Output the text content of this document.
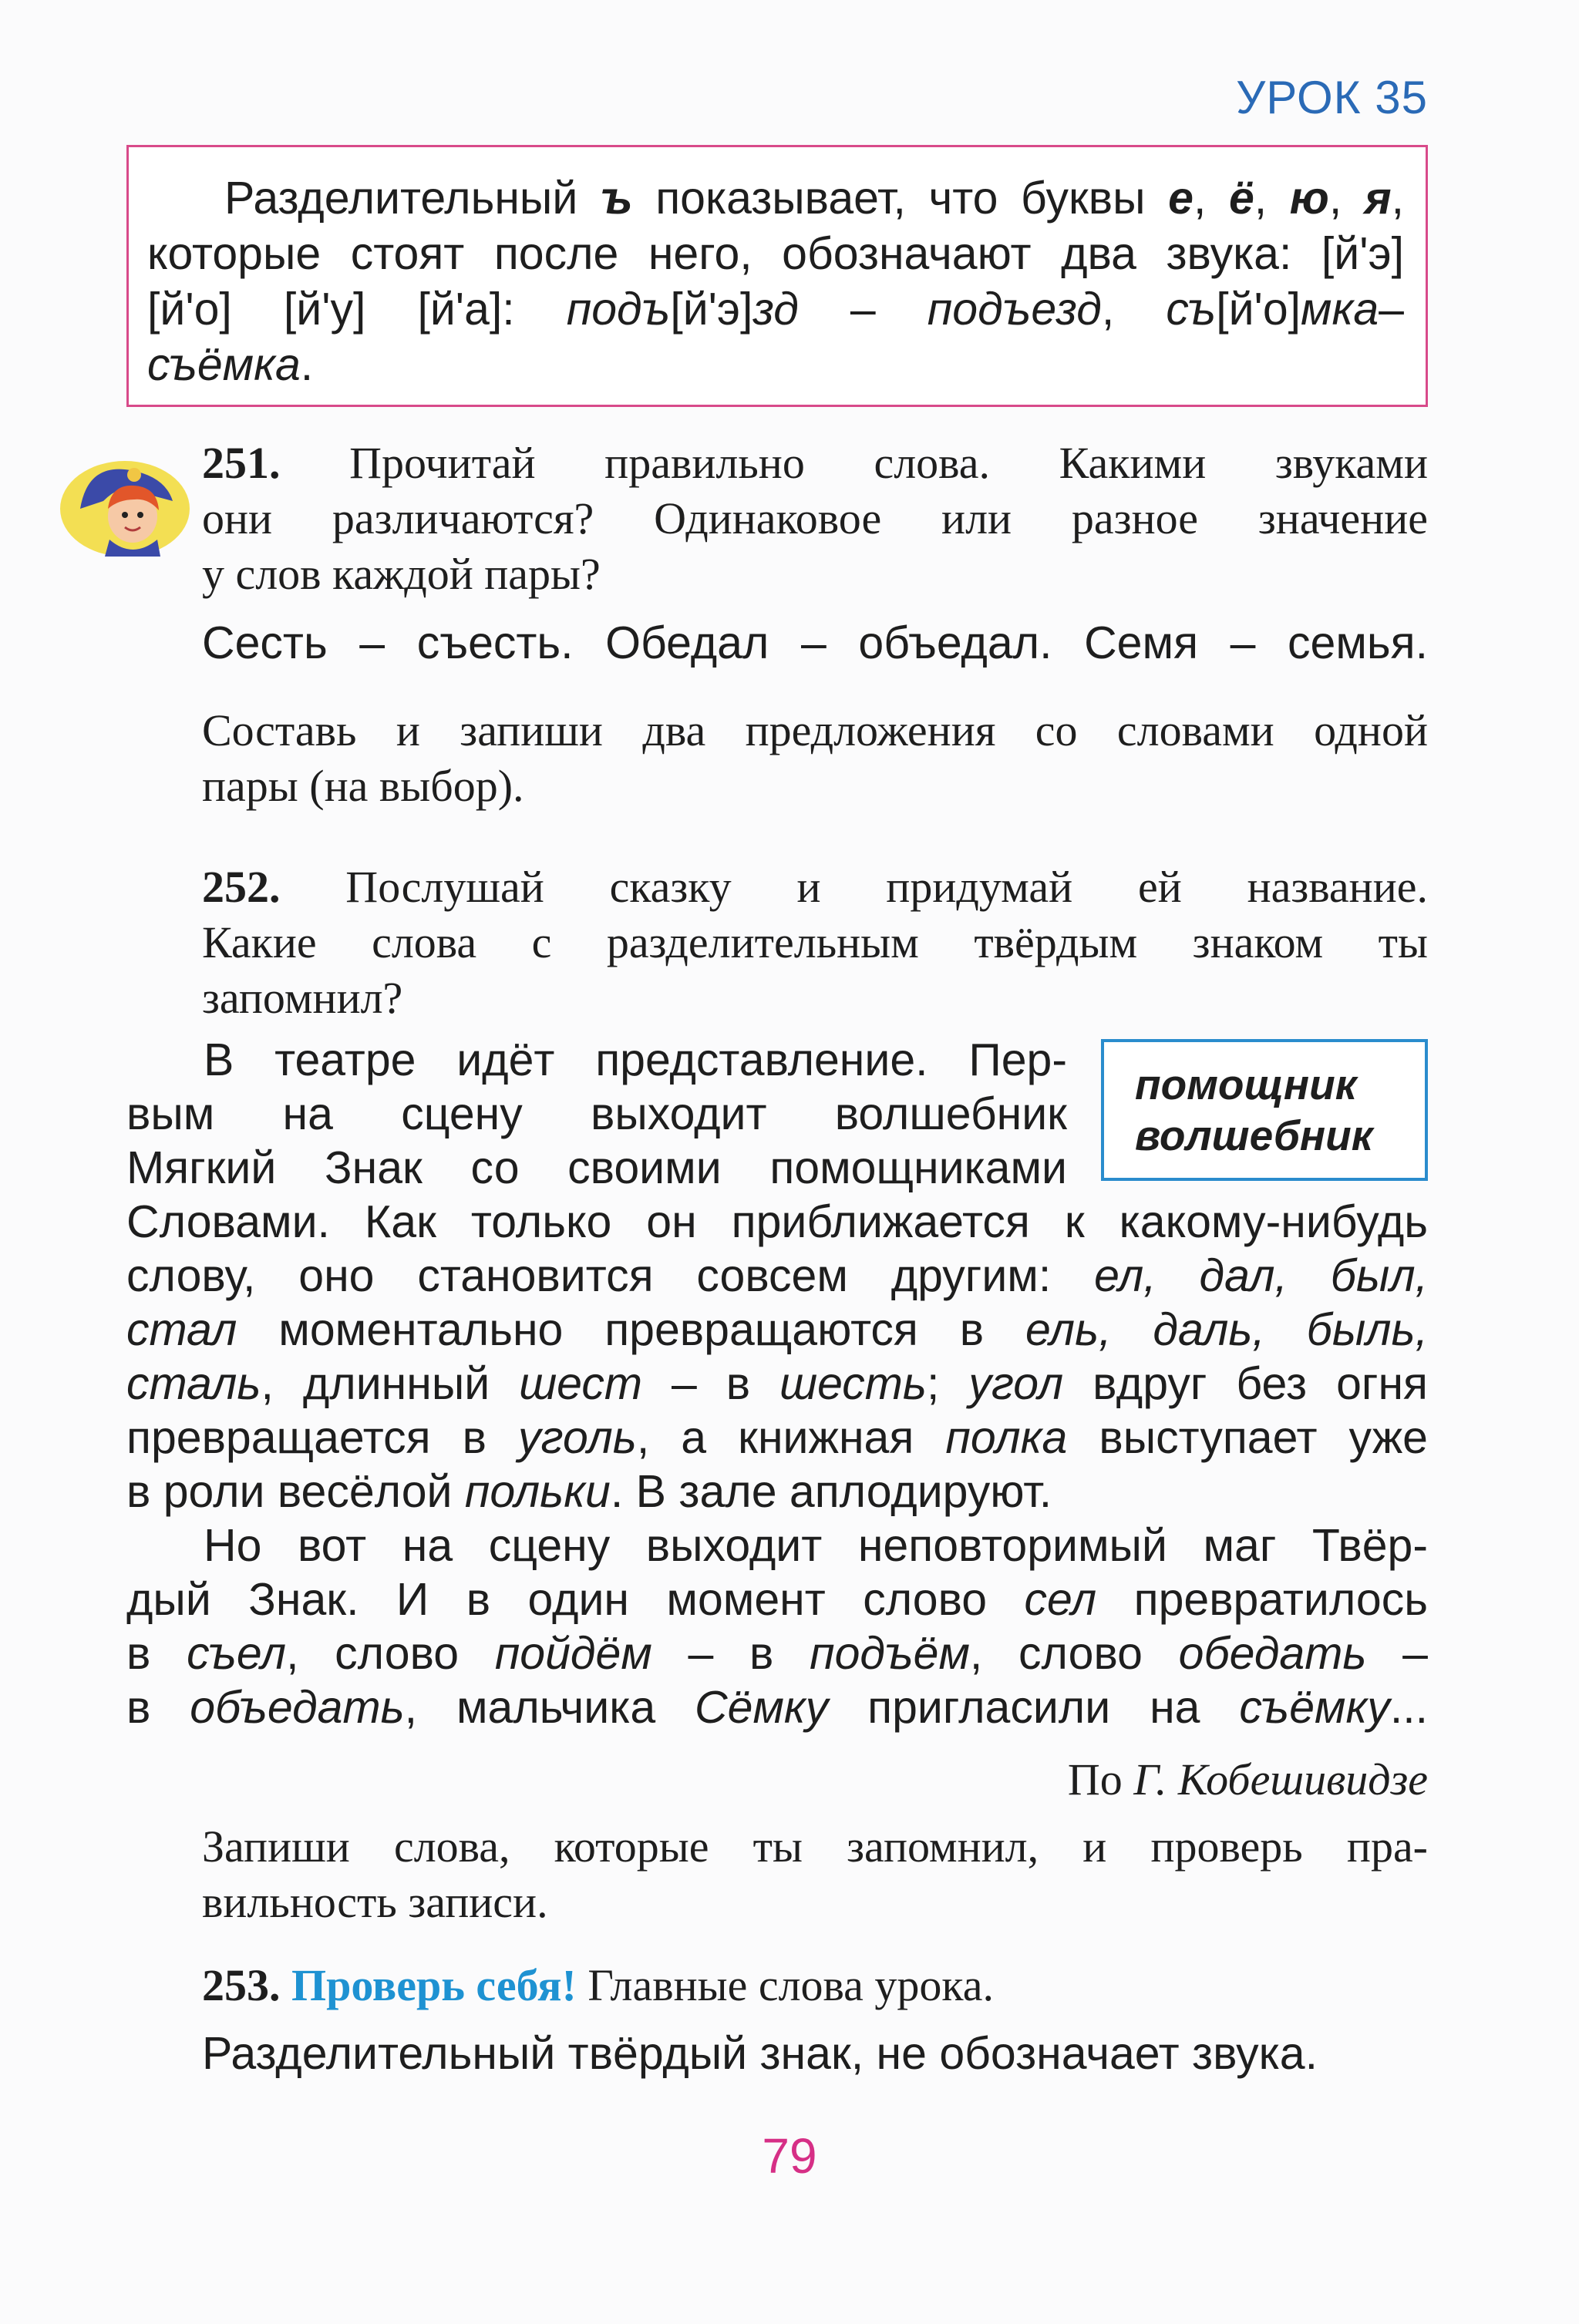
УРОК 35
Разделительный ъ показывает, что буквы е, ё, ю, я,
которые стоят после него, обозначают два звука: [й'э]
[й'о] [й'у] [й'а]: подъ[й'э]зд – подъезд, съ[й'о]мка–
съёмка.
251. Прочитай правильно слова. Какими звуками
они различаются? Одинаковое или разное значение
у слов каждой пары?
Сесть – съесть. Обедал – объедал. Семя – семья.
Составь и запиши два предложения со словами одной
пары (на выбор).
252. Послушай сказку и придумай ей название.
Какие слова с разделительным твёрдым знаком ты
запомнил?
помощник
волшебник
В театре идёт представление. Пер-
вым на сцену выходит волшебник
Мягкий Знак со своими помощниками
Словами. Как только он приближается к какому-нибудь
слову, оно становится совсем другим: ел, дал, был,
стал моментально превращаются в ель, даль, быль,
сталь, длинный шест – в шесть; угол вдруг без огня
превращается в уголь, а книжная полка выступает уже
в роли весёлой польки. В зале аплодируют.
Но вот на сцену выходит неповторимый маг Твёр-
дый Знак. И в один момент слово сел превратилось
в съел, слово пойдём – в подъём, слово обедать –
в объедать, мальчика Сёмку пригласили на съёмку...
По Г. Кобешивидзе
Запиши слова, которые ты запомнил, и проверь пра-
вильность записи.
253. Проверь себя! Главные слова урока.
Разделительный твёрдый знак, не обозначает звука.
79
